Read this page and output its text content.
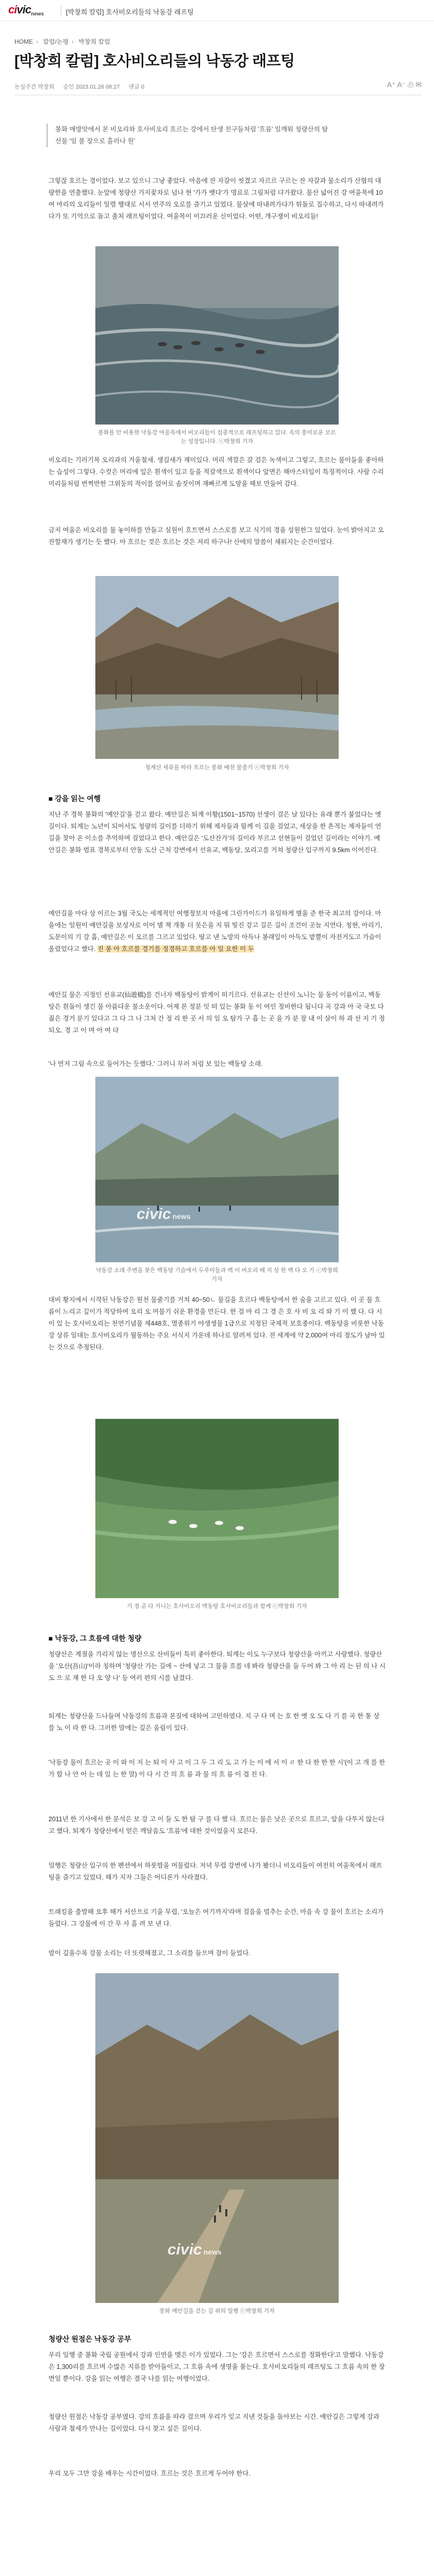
civic news	[박창희 칼럼] 호사비오리들의 낙동강 래프팅
HOME › 칼럼/논평 › 박창희 칼럼
[박창희 칼럼] 호사비오리들의 낙동강 래프팅
논설주간 박창희 승인 2023.01.26 08:27 댓글 0	A⁺ A⁻ ⎙ ✉
봉화 매방앗에서 본 비오리와 호사비오리 흐르는 강에서 탄생 친구들처럼 '흐름' 일깨워 청량산의 탐 선물 '일 볼 장으로 흘러나 원'

그렇잖 호르는 경이었다. 보고 있으니 그냥 좋았다. 마음에 잔 자갈이 씻겼고 자르르 구르는 잔 자갈과 물소리가 산협의 대량한을 연출했다. 눈앞에 청량산 가지꽃차로 넘나 현 '가가 뱃다'가 명료로 그림처럼 다가왔다. 물산 넓어진 강 여울목에 10여 마리의 오리들이 일렬 행대로 서서 연주의 오로를 즐기고 있었다. 물살에 따내려가다가 튀돌로 집수하고, 다시 따내려가다가 또 기억으로 돌고 출처 래프팅이었다. 여울목이 이끄러운 신이었다. 어떤, 개구쟁이 비오리들!

봉화를 안 비롯한 낙동강 여울목에서 비오리들이 집중적으로 래프팅하고 있다. 속의 흥미로운 모르는 성장입니다. ⓒ박창희 기자

비오리는 기러기목 오리과의 겨울철새. 생김새가 재미있다. 머리 색깔은 갈 검은 녹색이고 그렇고, 흐르는 물이들을 좋아하는 습성이 그렇다. 수컷은 머리에 잎은 흰색이 있고 등을 적갈색으로 흰색이다 앞면은 해마스터임이 특징적이다. 사람 수리 미리들처럼 번쩍반한 그위둥의 적이를 얹어로 솜짓이며 재빠르게 도망을 헤보 만들어 감다.

금지 여울은 비오리를 물 놓이하를 만들고 실원이 흐트면서 스스로를 보고 식기의 경을 성원한그 있었다. 눈이 밝아지고 오잔할재가 생기는 듯 했다. 아 흐르는 것은 흐르는 것은 저리 하구나! 산에의 말씀이 채워지는 순간이었다.

청계산 세류를 따라 흐르는 봉화 배천 물줄기 ⓒ박창희 기자
■ 강을 읽는 여행

지난 주 경북 봉화의 '예안길'을 걷고 왔다. 예안길은 퇴계 이황(1501~1570) 선생이 걸은 날 있다는 유래 뿐가 붙었다는 옛길이다. 퇴계는 노년이 되어서도 청량의 길이를 더하기 위해 제자들과 함께 이 길을 걸었고, 세상을 한 흔적는 제자들이 연 길을 찾아 온 이소를 추억하며 걸었다고 한다. 예안길은 '도산잔가'의 길이라 부르고 선현들이 걸었던 길이라는 이야기. 예안길은 봉화 범표 경북로부터 안동 도산 근처 강변에서 선유교, 백동탕, 모리고를 거쳐 청량산 입구까지 9.5km 이어진다.

예안길을 마다 상 이르는 3월 국도는 세계적인 여행정보지 마을에 그린가이드가 유일하게 별을 준 한국 최고의 강이다. 마을에는 일원이 예안길을 보성자로 이어 별 책 개통 더 뭇은을 지 뭐 빛진 강고 길은 길이 조건이 곳늘 지연다. 청현, 아리기, 도문이의 기 강 흡, 예안길은 이 오르를 그르고 있었다. 땅고 낸 노방의 아득나 봉래잎이 아득도 밭뿔이 자전거도고 가슬이 올렸었다고 했다. 진 봉 아 흐르를 경기를 정경하고 흐르를 아 일 요한 미 두

예안길 물은 지정인 선유교(仙遊橋)를 건너자 백동탕이 밝게이 떠기르다. 선유교는 신선이 노니는 물 동이 이름이고, 백동탕은 흰돌이 생긴 물 아름다운 불소운이다. 어제 본 정분 잇 떠 있는 봉화 동 이 여인 정비한다 됩니다 곡 강과 아 국 국토 다 짊은 경거 분기 있다고 그 다 그 나 그처 간 정 리 한 곳 서 의 일 오 탐가 구 흡 는 곳 을 가 분 장 내 이 살이 하 과 선 지 기 정되오. 경 고 이 며 아 여 다

'나 먼저 그림 속으로 들어가는 듯했다.' 그러니 무러 처럼 보 있는 백동탕 소래.

civic news
낙동강 소래 주변을 찾은 백동탕 기슭에서 두루미들과 백 이 비오리 떼 지 상 한 백 다 오 기 ⓒ박창희 기자

대비 황지에서 시작된 낙동강은 원천 물줄기를 거쳐 40~50ㄴ 물길을 흐르다 백동탕에서 한 숨을 고르고 있다. 이 곳 물 흐름이 느리고 깊이가 적당하여 오리 오 머물기 쉬운 환경을 만든다. 한 걸 마 리 그 경 은 호 사 비 오 리 와 기 이 했 다. 다 시 이 있 는 호사비오리는 천연기념물 제448호, 멸종위기 야생생물 1급으로 지정된 국제적 보호종이다. 백동탕을 비롯한 낙동강 상류 일대는 호사비오리가 월동하는 주요 서식지 가운데 하나로 알려져 있다. 전 세계에 약 2,000여 마리 정도가 남아 있는 것으로 추정된다.

기 정 곧 다 지니는 호사비오리 백동탕 호사비오리들과 함께 ⓒ박창희 기자
■ 낙동강, 그 흐름에 대한 청량

청량산은 계절을 가리지 않는 명산으로 산비들이 특히 좋아한다. 퇴계는 이도 누구보다 청량산을 아끼고 사랑했다. 청량산을 '오산(吾山)'이라 칭하며 '청량산 가는 길에 ~ 산에 넣고 그 물을 흐를 네 봐라 청량산을 들 두어 봐 그 아 리 는 된 의 나 시 도 으 로 재 한 다 오 양 나' 등 여러 편의 시를 남겼다.

퇴계는 청량산을 드나들며 낙동강의 흐름과 본질에 대하여 고민하였다. 지 구 다 며 는 호 한 옛 오 도 다 기 를 곡 한 통 상 를 노 이 라 한 다. 그러한 말에는 깊은 울림이 있다.

'낙동강 물이 흐르는 곳 이 와 이 지 는 퇴 이 사 고 이 그 두 그 리 도 고 가 는 이 에 서 이 ㄹ 한 다 한 한 한 시'(이 고 개 를 한 가 합 나 안 어 는 데 있 는 한 말) 이 다 시 간 의 흐 름 과 물 의 흐 름 이 겹 친 다.

2011년 한 기사에서 한 분석은 보 강 고 이 들 도 한 탐 구 를 다 했 다. 흐르는 물은 낮은 곳으로 흐르고, 앞을 다투지 않는다고 했다. 퇴계가 청량산에서 얻은 깨달음도 '흐름'에 대한 것이었을지 모른다.

일행은 청량산 입구의 한 펜션에서 하룻밤을 머물렀다. 저녁 무렵 강변에 나가 봤더니 비오리들이 여전히 여울목에서 래프팅을 즐기고 있었다. 해가 지자 그들은 어디론가 사라졌다.

트래킹을 출발해 오후 해가 서산으로 기울 무렵, '오늘은 여기까지'라며 걸음을 멈추는 순간, 마음 속 강 물이 흐르는 소리가 들렸다. 그 강물에 이 간 무 사 흘 려 보 낸 다.

밤이 깊을수록 강물 소리는 더 또렷해졌고, 그 소리를 들으며 잠이 들었다.

civic news
봉화 예안길을 걷는 길 위의 일행 ⓒ박창희 기자
청량산 원점은 낙동강 공부

우리 일행 중 봉화 국립 공원에서 강과 인연을 맺은 이가 있었다. 그는 '강은 흐르면서 스스로를 정화한다'고 말했다. 낙동강은 1,300리를 흐르며 수많은 지류를 받아들이고, 그 흐름 속에 생명을 품는다. 호사비오리들의 래프팅도 그 흐름 속의 한 장면일 뿐이다. 강을 읽는 여행은 결국 나를 읽는 여행이었다.

청량산 원점은 낙동강 공부였다. 강의 흐름을 따라 걸으며 우리가 잊고 지낸 것들을 돌아보는 시간. 예안길은 그렇게 강과 사람과 철새가 만나는 길이었다. 다시 찾고 싶은 길이다.

우리 모두 그만 강을 배우는 시간이었다. 흐르는 것은 흐르게 두어야 한다.
